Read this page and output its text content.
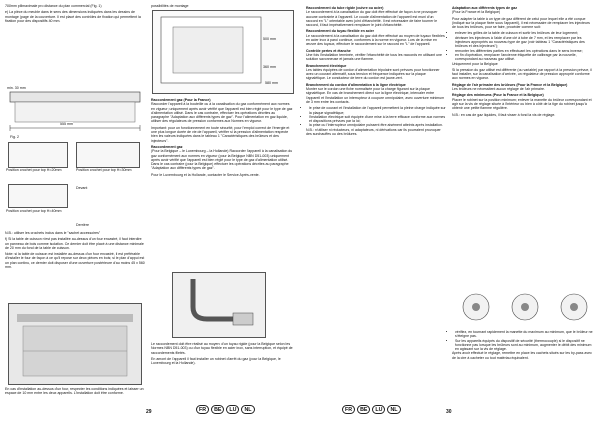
700mm plilmaximale pro distance du plan commercial (Fig. 1)

e) La pièce du meuble dans le sens des dimensions indiquées dans les dessins de montage (page de la couverture. Il est placé des contrôles de fixation qui permettent la fixation pour des dispositifs 40 mm.

min. 30 mm
555 mm
Fig. 2
Position crochet pour top H=20mm	Position crochet pour top H=30mm
Devant
Position crochet pour top H=40mm
Derrière

N.B.: utiliser les crochets inclus dans le "sachet accessoires"

f) Si la table de cuisson n'est pas installée au-dessus d'un four encastré, il faut interdire un panneau de bois comme isolation. Ce dernier doit être placé à une distance minimale de 20 mm du fond de la table de cuisson.

Note: si la table de cuisson est installée au-dessus d'un four encastré, il est préférable d'installer le four de façon à ce qu'il repose sur deux pièces en bois; si le plan d'appui est un plan continu, ce dernier doit disposer d'une ouverture postérieure d'au moins 45 x 560 mm.

En cas d'installation au-dessus d'un four, respecter les conditions indiquées et laisser un espace de 10 mm entre les deux appareils. L'installation doit être conforme.

possibilités de montage
500 mm
580 mm
360 mm
Raccordement gaz (Pour la France)

Raccorder l'appareil à la bouteille ou à la canalisation du gaz conformément aux normes en vigueur; uniquement après avoir vérifié que l'appareil est bien réglé pour le type de gaz d'alimentation utilisé. Dans le cas contraire, effectuer les opérations décrites au paragraphe "Adaptation aux différents types de gaz". Pour l'alimentation en gaz liquide, utiliser des régulateurs de pression conformes aux Normes en vigueur.

Important: pour un fonctionnement en toute sécurité, pour l'emploi correct de l'énergie et une plus longue durée de vie de l'appareil, vérifier si la pression d'alimentation respecte bien les valeurs indiquées dans le tableau 1 "Caractéristiques des brûleurs et des injecteurs".

Raccordement gaz

(Pour la Belgique – le Luxembourg – la Hollande) Raccorder l'appareil à la canalisation du gaz conformément aux normes en vigueur (pour la Belgique NBN D51-003) uniquement après avoir vérifié que l'appareil est bien réglé pour le type de gaz d'alimentation utilisé. Dans le cas contraire (pour la Belgique) effectuer les opérations décrites au paragraphe "Adaptation aux différents types de gaz".

Pour le Luxembourg et la Hollande, contacter le Service Après-vente.

Le raccordement doit être réalisé au moyen: d'un tuyau rigide (pour la Belgique selon les Normes NBN D51-003) ou d'un tuyau flexible en acier inox, sans interruption, et équipé de raccordements filetés.

En amont de l'appareil il faut installer un robinet d'arrêt du gaz (pour la Belgique, le Luxembourg et la Hollande).

29	FR	BE	LU	NL
Raccordement du tube rigide (cuivre ou acier)

Le raccordement à la canalisation du gaz doit être effectué de façon à ne provoquer aucune contrainte à l'appareil. Le coude d'alimentation de l'appareil est muni d'un raccord en "L" orientable avec joint d'étanchéité. Il est nécessaire de faire tourner le raccord, il faut impérativement remplacer le joint d'étanchéité.

Raccordement du tuyau flexible en acier

Le raccordement à la canalisation du gaz doit être effectué au moyen de tuyaux flexibles en acier inox à paroi continue, conformes à la norme en vigueur. Lors de la mise en œuvre des tuyaux, effectuer le raccordement sur le raccord en "L" de l'appareil.

Contrôle pertes et étanche

Une fois l'installation terminée, vérifier l'étanchéité de tous les raccords en utilisant une solution savonneuse et jamais une flamme.

Branchement électrique

Les tables équipées de cordon d'alimentation tripolaire sont prévues pour fonctionner avec un courant alternatif, sous tension et fréquence indiquées sur la plaque signalétique. Le conducteur de terre du cordon est jaune-vert.

Branchement du cordon d'alimentation à la ligne électrique

Monter sur le cordon une fiche normalisée pour la charge figurant sur la plaque signalétique. En cas de branchement direct sur la ligne électrique, intercaler entre l'appareil et l'installation un interrupteur à coupure omnipolaire, avec ouverture minimum de 3 mm entre les contacts.

• le prise de courant et l'installation de l'appareil permettent la pleine charge indiquée sur la plaque signalétique;
• l'installation électrique soit équipée d'une mise à la terre efficace conforme aux normes et dispositions prévues par la loi;
• la prise ou l'interrupteur omnipolaire puissent être aisément atteints après installation.

N.B.: n'utiliser ni réducteurs, ni adaptateurs, ni dérivations car ils pourraient provoquer des surchauffes ou des brûlures.

Adaptation aux différents types de gaz

(Pour la France et la Belgique)

Pour adapter la table à un type de gaz différent de celui pour lequel elle a été conçue (indiqué sur la plaque fixée sous l'appareil), il est nécessaire de remplacer les injecteurs de tous les brûleurs, pour se faire, procéder comme suit:

• enlever les grilles de la table de cuisson et sortir les brûleurs de leur logement;
• dévisser les injecteurs à l'aide d'une clé à tube de 7 mm, et les remplacer par les injecteurs appropriés au nouveau type de gaz (voir tableau 1 "Caractéristiques des brûleurs et des injecteurs");
• remonter les différentes parties en effectuant les opérations dans le sens inverse;
• en fin d'opération, remplacer l'ancienne étiquette de calibrage par la nouvelle, correspondant au nouveau gaz utilisé.

Uniquement pour la Belgique

Si la pression du gaz utilisé est différente (ou variable) par rapport à la pression prévue, il faut installer, sur la canalisation d'arrivée, un régulateur de pression approprié conforme aux normes en vigueur.

Réglage de l'air primaire des brûleurs (Pour la France et la Belgique)

Les brûleurs ne nécessitent aucun réglage de l'air primaire.

Réglage des minimums (Pour la France et la Belgique)

Placer le robinet sur la position minimum; enlever la manette du brûleur correspondant et agir sur la vis de réglage située à l'intérieur ou bien à côté de la tige du robinet jusqu'à obtenir une petite flamme régulière.

N.B.: en cas de gaz liquides, il faut visser à fond la vis de réglage.

• vérifiez, en tournant rapidement la manette du maximum au minimum, que le brûleur ne s'éteigne pas.
• Sur les appareils équipés du dispositif de sécurité (thermocouple) si le dispositif ne fonctionne pas lorsque les brûleurs sont au minimum, augmenter le débit des minimum en agissant sur la vis de réglage.

Après avoir effectué le réglage, remettre en place les cachets situés sur les by-pass avec de la cire à cacheter ou tout matériau équivalent.

FR	BE	LU	NL	30
